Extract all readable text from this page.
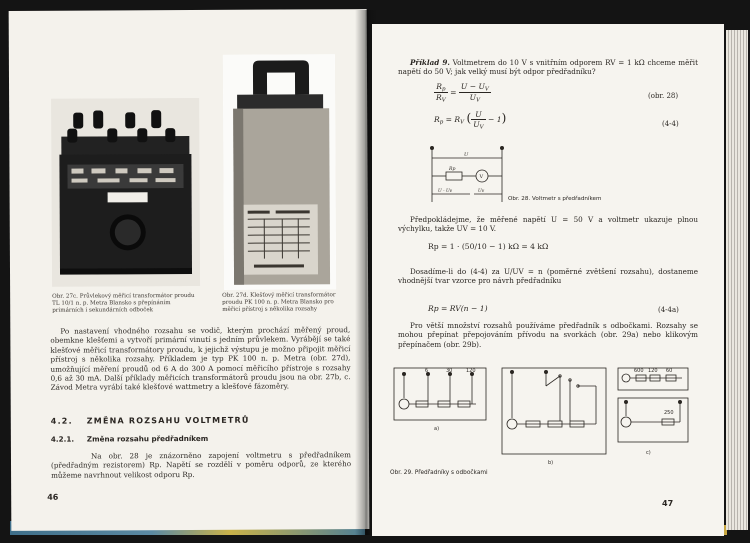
Obr. 27c. Průvlekový měřicí transformátor proudu TL 10/1 n. p. Metra Blansko s přepínáním primárních i sekundárních odboček
Obr. 27d. Klešťový měřicí transformátor proudu PK 100 n. p. Metra Blansko pro měřicí přístroj s několika rozsahy

Po nastavení vhodného rozsahu se vodič, kterým prochází měřený proud, obemkne klešťemi a vytvoří primární vinutí s jedním průvlekem. Vyrábějí se také klešťové měřicí transformátory proudu, k jejichž výstupu je možno připojit měřicí přístroj s několika rozsahy. Příkladem je typ PK 100 n. p. Metra (obr. 27d), umožňující měření proudů od 6 A do 300 A pomocí měřicího přístroje s rozsahy 0,6 až 30 mA. Další příklady měřicích transformátorů proudu jsou na obr. 27b, c. Závod Metra vyrábí také klešťové wattmetry a klešťové fázoměry.

4.2. ZMĚNA ROZSAHU VOLTMETRŮ
4.2.1. Změna rozsahu předřadníkem

Na obr. 28 je znázorněno zapojení voltmetru s předřadníkem (předřadným rezistorem) Rp. Napětí se rozdělí v poměru odporů, ze kterého můžeme navrhnout velikost odporu Rp.

46

Příklad 9. Voltmetrem do 10 V s vnitřním odporem RV = 1 kΩ chceme měřit napětí do 50 V; jak velký musí být odpor předřadníku?

$\frac{R_p}{R_V} = \frac{U - U_V}{U_V}$	(obr. 28)
$R_p = R_V$ ( $\frac{U}{U_V} - 1$)	(4-4)
U
Rp
V
U - Uv	Uv
Obr. 28. Voltmetr s předřadníkem

Předpokládejme, že měřené napětí U = 50 V a voltmetr ukazuje plnou výchylku, takže UV = 10 V.

Rp = 1 · (50/10 − 1) kΩ = 4 kΩ

Dosadíme-li do (4-4) za U/UV = n (poměrné zvětšení rozsahu), dostaneme vhodnější tvar vzorce pro návrh předřadníku

Rp = RV(n − 1)	(4-4a)

Pro větší množství rozsahů používáme předřadník s odbočkami. Rozsahy se mohou přepínat přepojováním přívodu na svorkách (obr. 29a) nebo klikovým přepínačem (obr. 29b).

6	30	120
a)
b)
600 120 60
250
c)
Obr. 29. Předřadníky s odbočkami
47
